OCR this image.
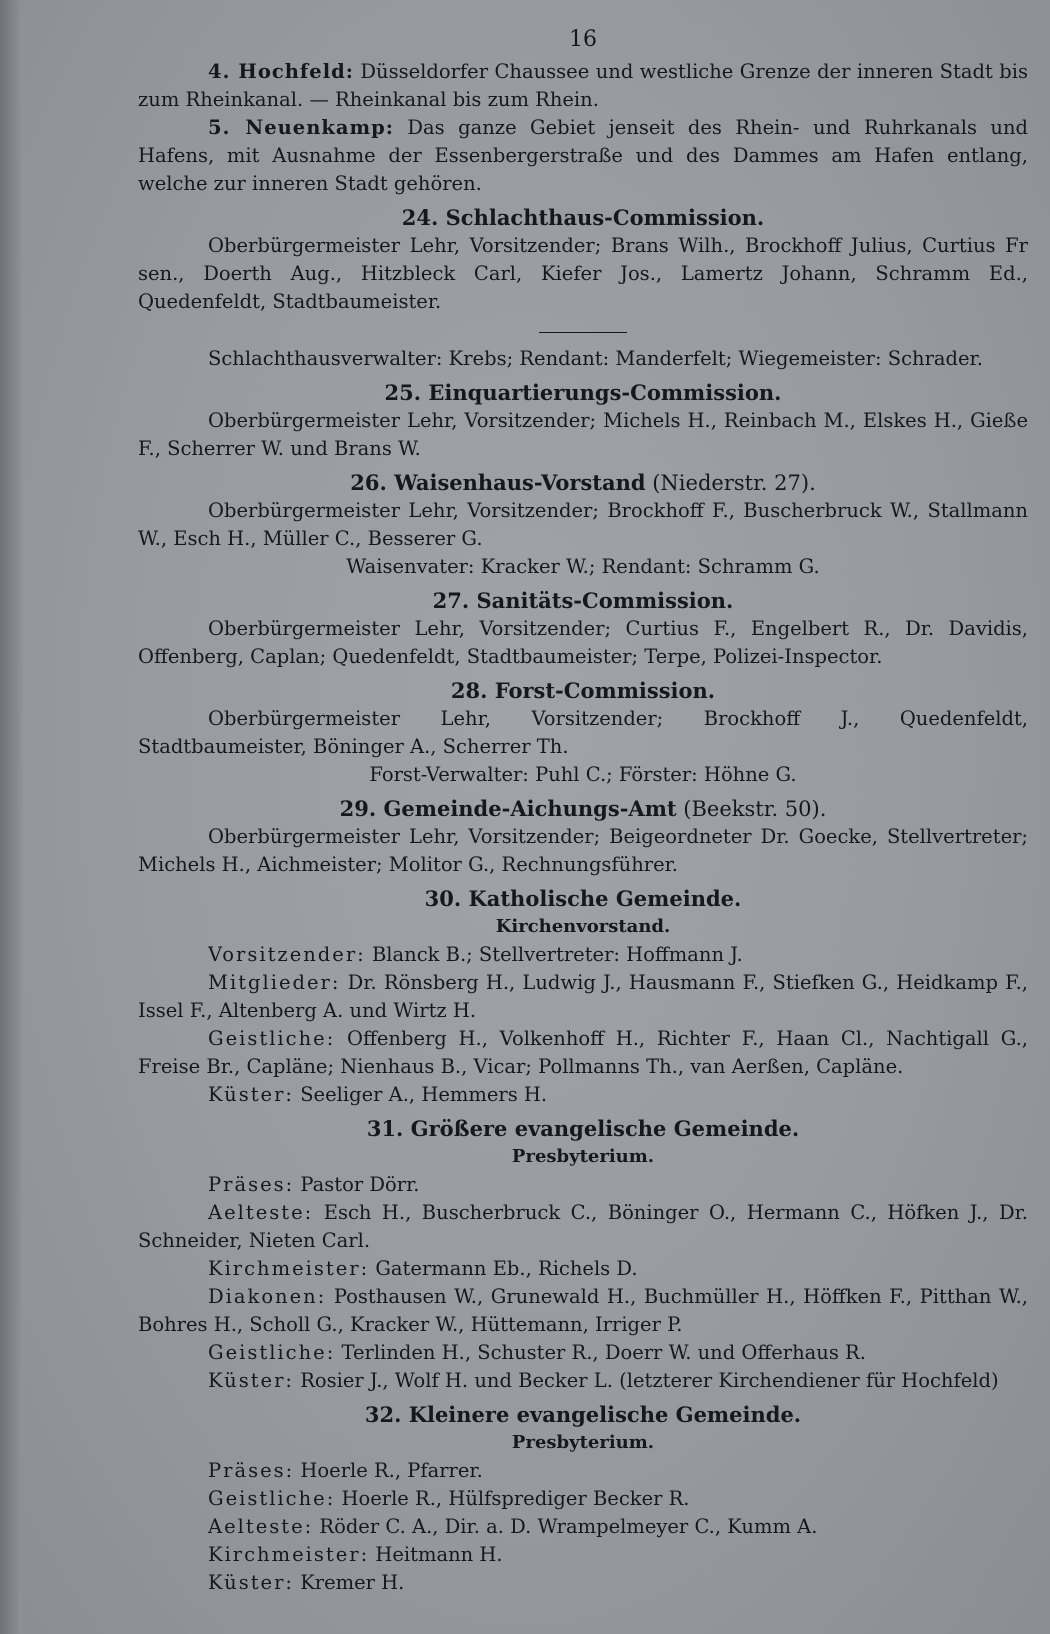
16

4. Hochfeld: Düsseldorfer Chaussee und westliche Grenze der inneren Stadt bis zum Rheinkanal. — Rheinkanal bis zum Rhein.

5. Neuenkamp: Das ganze Gebiet jenseit des Rhein- und Ruhrkanals und Hafens, mit Ausnahme der Essenbergerstraße und des Dammes am Hafen entlang, welche zur inneren Stadt gehören.

24. Schlachthaus-Commission.

Oberbürgermeister Lehr, Vorsitzender; Brans Wilh., Brockhoff Julius, Curtius Fr sen., Doerth Aug., Hitzbleck Carl, Kiefer Jos., Lamertz Johann, Schramm Ed., Quedenfeldt, Stadtbaumeister.

Schlachthausverwalter: Krebs; Rendant: Manderfelt; Wiegemeister: Schrader.

25. Einquartierungs-Commission.

Oberbürgermeister Lehr, Vorsitzender; Michels H., Reinbach M., Elskes H., Gieße F., Scherrer W. und Brans W.

26. Waisenhaus-Vorstand (Niederstr. 27).

Oberbürgermeister Lehr, Vorsitzender; Brockhoff F., Buscherbruck W., Stallmann W., Esch H., Müller C., Besserer G.

Waisenvater: Kracker W.; Rendant: Schramm G.

27. Sanitäts-Commission.

Oberbürgermeister Lehr, Vorsitzender; Curtius F., Engelbert R., Dr. Davidis, Offenberg, Caplan; Quedenfeldt, Stadtbaumeister; Terpe, Polizei-Inspector.

28. Forst-Commission.

Oberbürgermeister Lehr, Vorsitzender; Brockhoff J., Quedenfeldt, Stadtbaumeister, Böninger A., Scherrer Th.

Forst-Verwalter: Puhl C.; Förster: Höhne G.

29. Gemeinde-Aichungs-Amt (Beekstr. 50).

Oberbürgermeister Lehr, Vorsitzender; Beigeordneter Dr. Goecke, Stellvertreter; Michels H., Aichmeister; Molitor G., Rechnungsführer.

30. Katholische Gemeinde.
Kirchenvorstand.

Vorsitzender: Blanck B.; Stellvertreter: Hoffmann J.

Mitglieder: Dr. Rönsberg H., Ludwig J., Hausmann F., Stiefken G., Heidkamp F., Issel F., Altenberg A. und Wirtz H.

Geistliche: Offenberg H., Volkenhoff H., Richter F., Haan Cl., Nachtigall G., Freise Br., Capläne; Nienhaus B., Vicar; Pollmanns Th., van Aerßen, Capläne.

Küster: Seeliger A., Hemmers H.

31. Größere evangelische Gemeinde.
Presbyterium.

Präses: Pastor Dörr.

Aelteste: Esch H., Buscherbruck C., Böninger O., Hermann C., Höfken J., Dr. Schneider, Nieten Carl.

Kirchmeister: Gatermann Eb., Richels D.

Diakonen: Posthausen W., Grunewald H., Buchmüller H., Höffken F., Pitthan W., Bohres H., Scholl G., Kracker W., Hüttemann, Irriger P.

Geistliche: Terlinden H., Schuster R., Doerr W. und Offerhaus R.

Küster: Rosier J., Wolf H. und Becker L. (letzterer Kirchendiener für Hochfeld)

32. Kleinere evangelische Gemeinde.
Presbyterium.

Präses: Hoerle R., Pfarrer.

Geistliche: Hoerle R., Hülfsprediger Becker R.

Aelteste: Röder C. A., Dir. a. D. Wrampelmeyer C., Kumm A.

Kirchmeister: Heitmann H.

Küster: Kremer H.
